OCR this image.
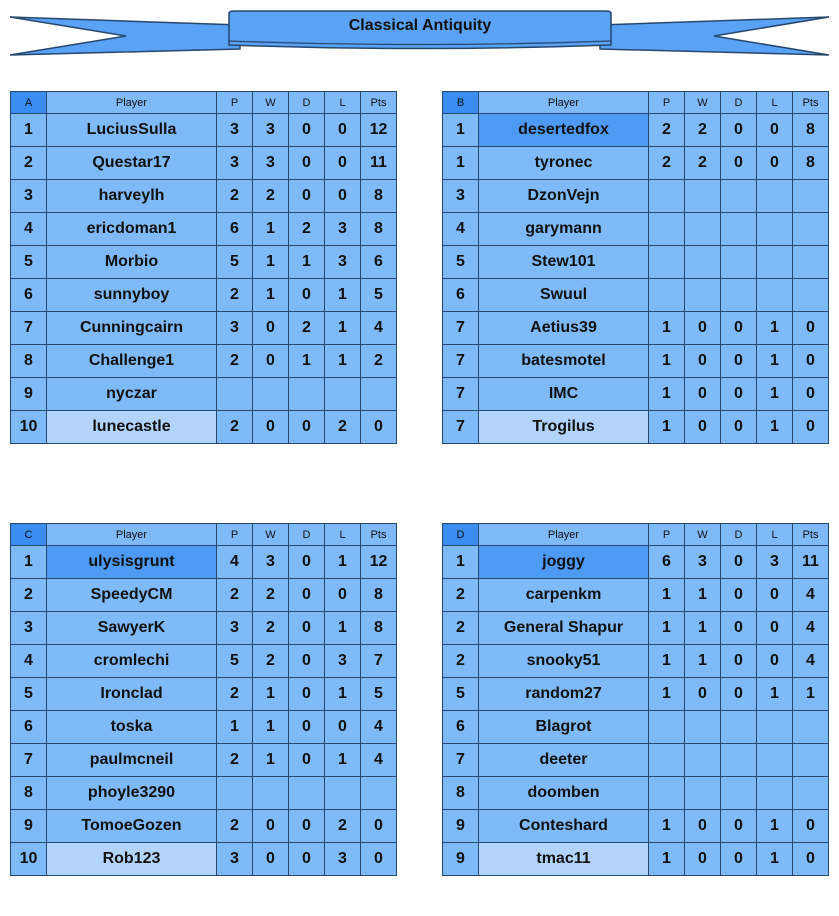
Classical Antiquity
A	Player	P	W	D	L	Pts
1	LuciusSulla	3	3	0	0	12
2	Questar17	3	3	0	0	11
3	harveylh	2	2	0	0	8
4	ericdoman1	6	1	2	3	8
5	Morbio	5	1	1	3	6
6	sunnyboy	2	1	0	1	5
7	Cunningcairn	3	0	2	1	4
8	Challenge1	2	0	1	1	2
9	nyczar					
10	lunecastle	2	0	0	2	0
B	Player	P	W	D	L	Pts
1	desertedfox	2	2	0	0	8
1	tyronec	2	2	0	0	8
3	DzonVejn					
4	garymann					
5	Stew101					
6	Swuul					
7	Aetius39	1	0	0	1	0
7	batesmotel	1	0	0	1	0
7	IMC	1	0	0	1	0
7	Trogilus	1	0	0	1	0
C	Player	P	W	D	L	Pts
1	ulysisgrunt	4	3	0	1	12
2	SpeedyCM	2	2	0	0	8
3	SawyerK	3	2	0	1	8
4	cromlechi	5	2	0	3	7
5	Ironclad	2	1	0	1	5
6	toska	1	1	0	0	4
7	paulmcneil	2	1	0	1	4
8	phoyle3290					
9	TomoeGozen	2	0	0	2	0
10	Rob123	3	0	0	3	0
D	Player	P	W	D	L	Pts
1	joggy	6	3	0	3	11
2	carpenkm	1	1	0	0	4
2	General Shapur	1	1	0	0	4
2	snooky51	1	1	0	0	4
5	random27	1	0	0	1	1
6	Blagrot					
7	deeter					
8	doomben					
9	Conteshard	1	0	0	1	0
9	tmac11	1	0	0	1	0
